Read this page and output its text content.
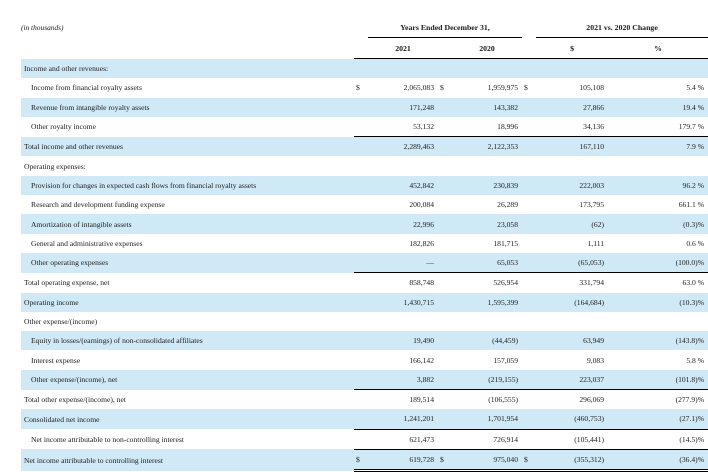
(in thousands)		Years Ended December 31,				2021 vs. 2020 Change	
		2021		2020		$	%
Income and other revenues:							
Income from financial royalty assets	$	2,065,083	$	1,959,975	$	105,108	5.4 %
Revenue from intangible royalty assets		171,248		143,382		27,866	19.4 %
Other royalty income		53,132		18,996		34,136	179.7 %
Total income and other revenues		2,289,463		2,122,353		167,110	7.9 %
Operating expenses:							
Provision for changes in expected cash flows from financial royalty assets		452,842		230,839		222,003	96.2 %
Research and development funding expense		200,084		26,289		173,795	661.1 %
Amortization of intangible assets		22,996		23,058		(62)	(0.3)%
General and administrative expenses		182,826		181,715		1,111	0.6 %
Other operating expenses		—		65,053		(65,053)	(100.0)%
Total operating expense, net		858,748		526,954		331,794	63.0 %
Operating income		1,430,715		1,595,399		(164,684)	(10.3)%
Other expense/(income)							
Equity in losses/(earnings) of non-consolidated affiliates		19,490		(44,459)		63,949	(143.8)%
Interest expense		166,142		157,059		9,083	5.8 %
Other expense/(income), net		3,882		(219,155)		223,037	(101.8)%
Total other expense/(income), net		189,514		(106,555)		296,069	(277.9)%
Consolidated net income		1,241,201		1,701,954		(460,753)	(27.1)%
Net income attributable to non-controlling interest		621,473		726,914		(105,441)	(14.5)%
Net income attributable to controlling interest	$	619,728	$	975,040	$	(355,312)	(36.4)%
